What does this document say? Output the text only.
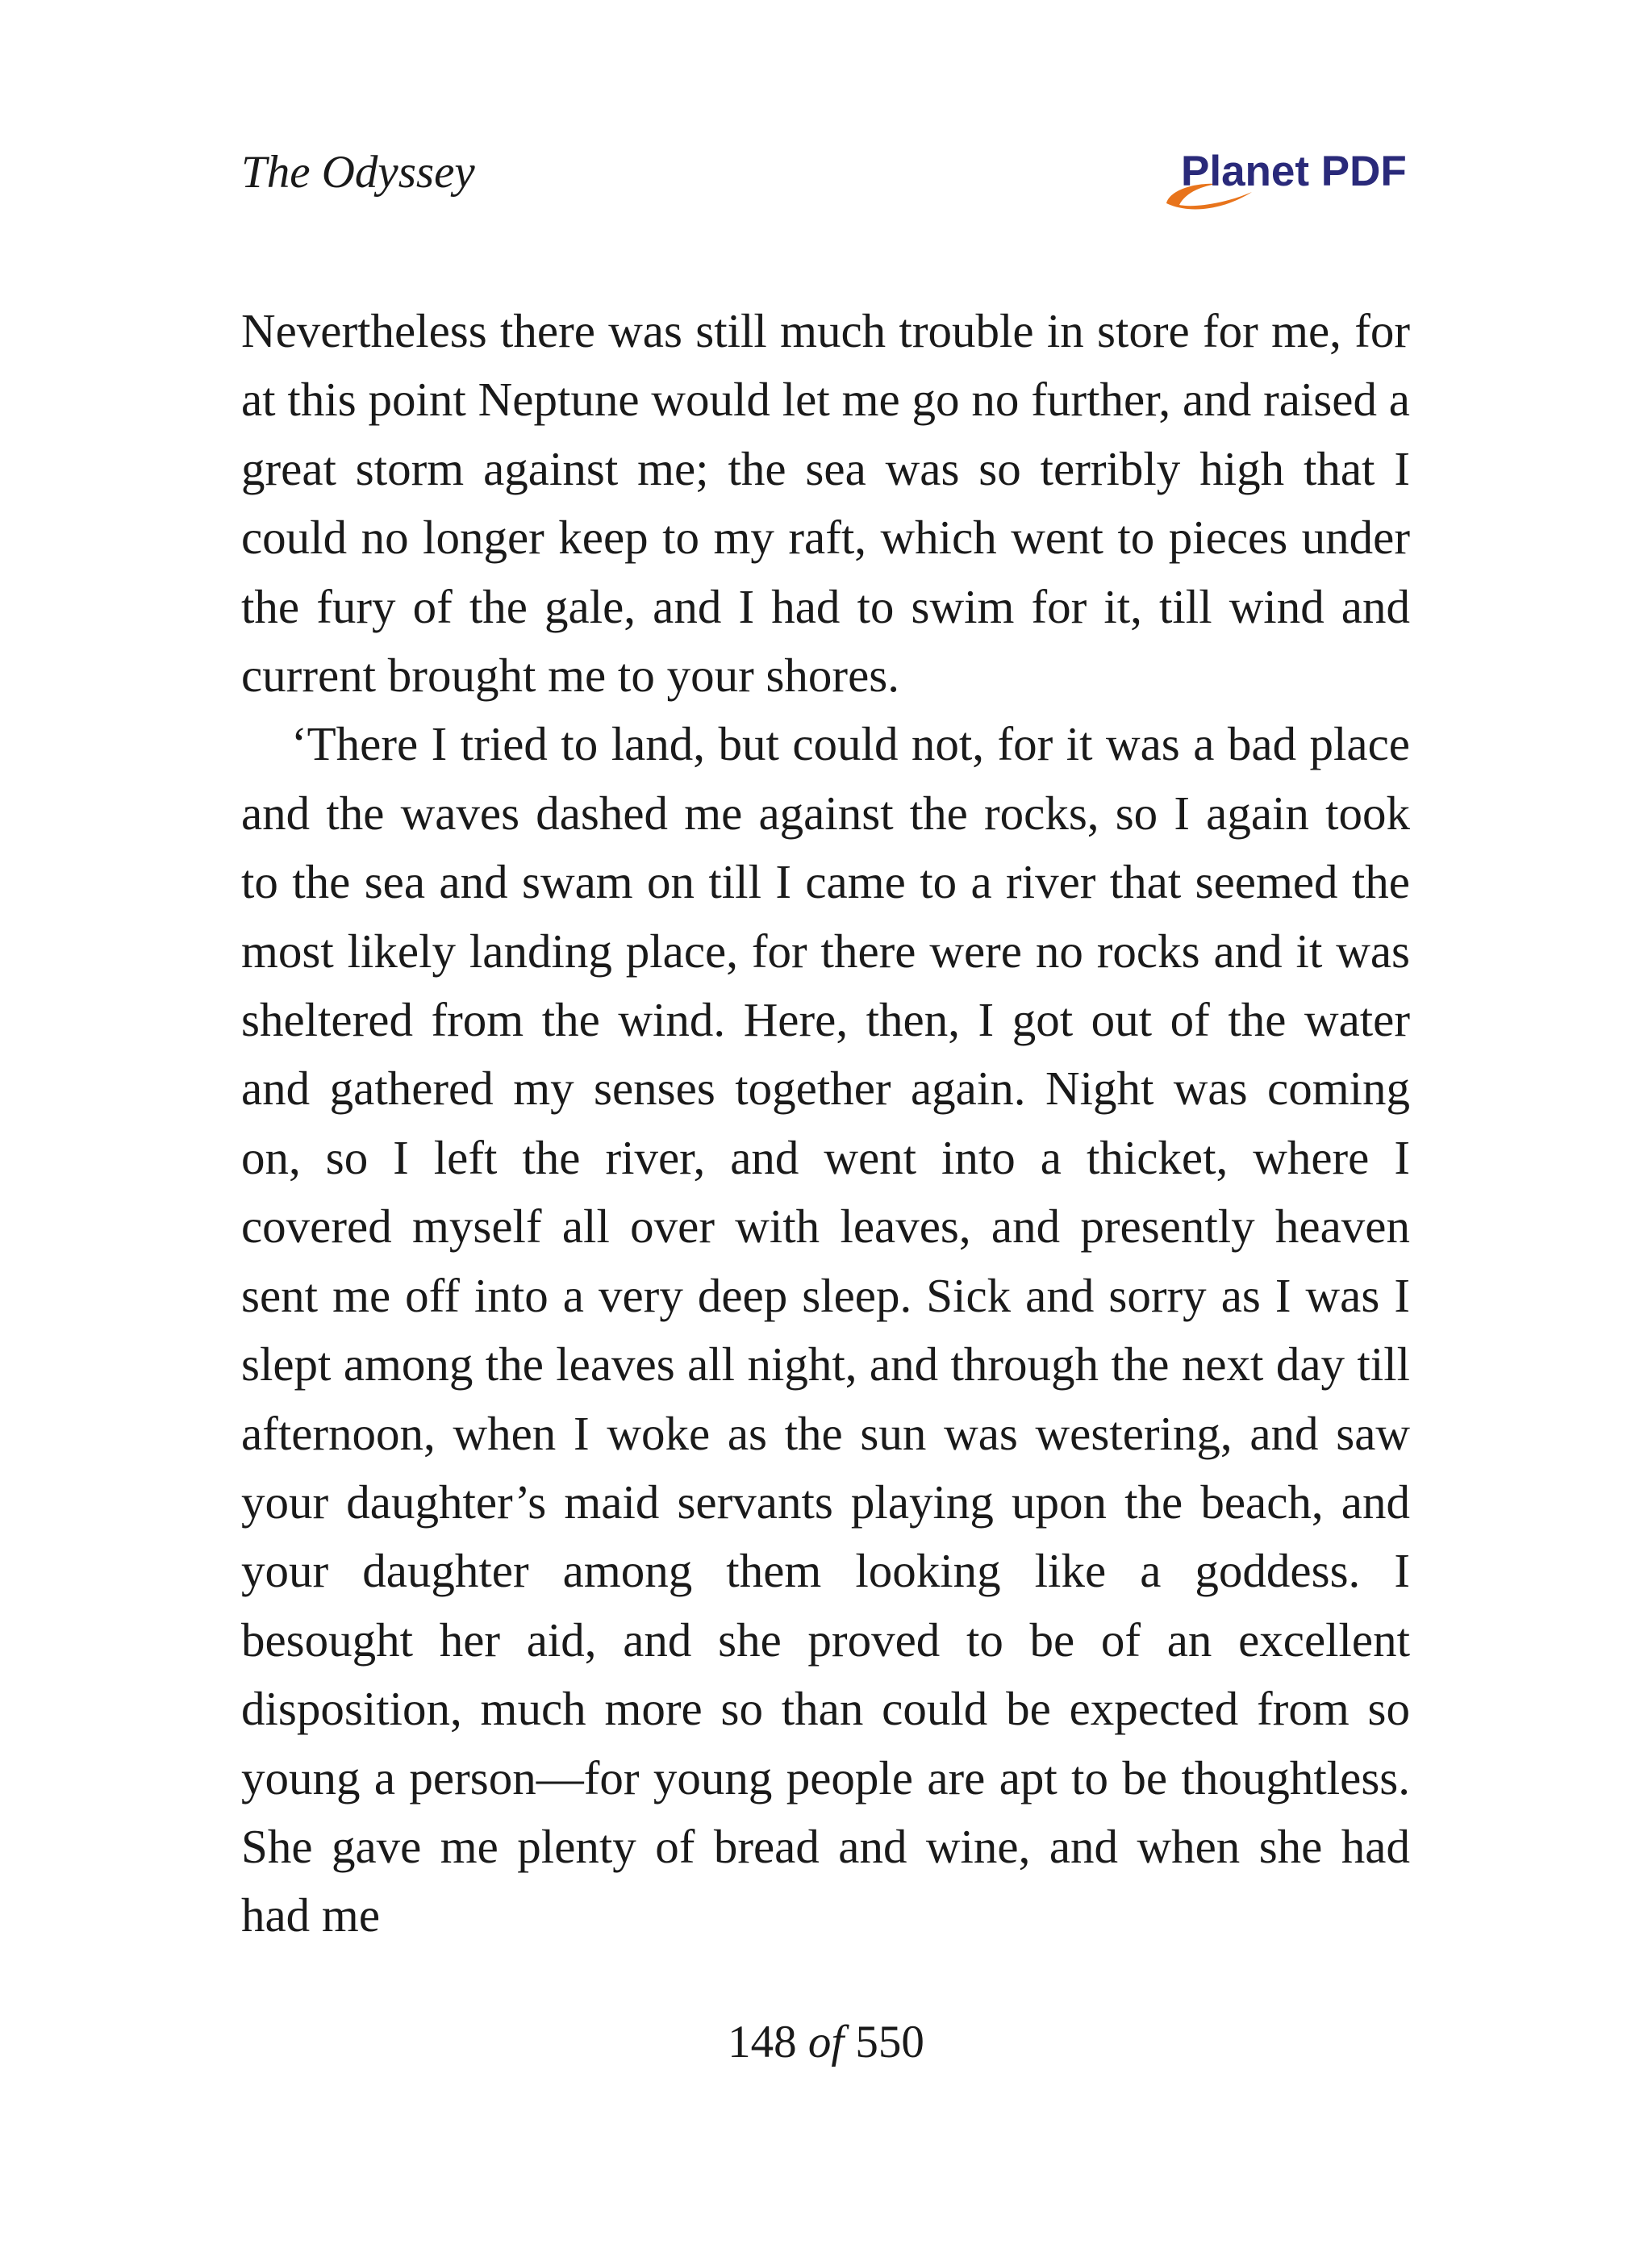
The Odyssey	Planet PDF

Nevertheless there was still much trouble in store for me, for at this point Neptune would let me go no further, and raised a great storm against me; the sea was so terribly high that I could no longer keep to my raft, which went to pieces under the fury of the gale, and I had to swim for it, till wind and current brought me to your shores.

‘There I tried to land, but could not, for it was a bad place and the waves dashed me against the rocks, so I again took to the sea and swam on till I came to a river that seemed the most likely landing place, for there were no rocks and it was sheltered from the wind. Here, then, I got out of the water and gathered my senses together again. Night was coming on, so I left the river, and went into a thicket, where I covered myself all over with leaves, and presently heaven sent me off into a very deep sleep. Sick and sorry as I was I slept among the leaves all night, and through the next day till afternoon, when I woke as the sun was westering, and saw your daughter’s maid servants playing upon the beach, and your daughter among them looking like a goddess. I besought her aid, and she proved to be of an excellent disposition, much more so than could be expected from so young a person—for young people are apt to be thoughtless. She gave me plenty of bread and wine, and when she had had me

148 of 550
